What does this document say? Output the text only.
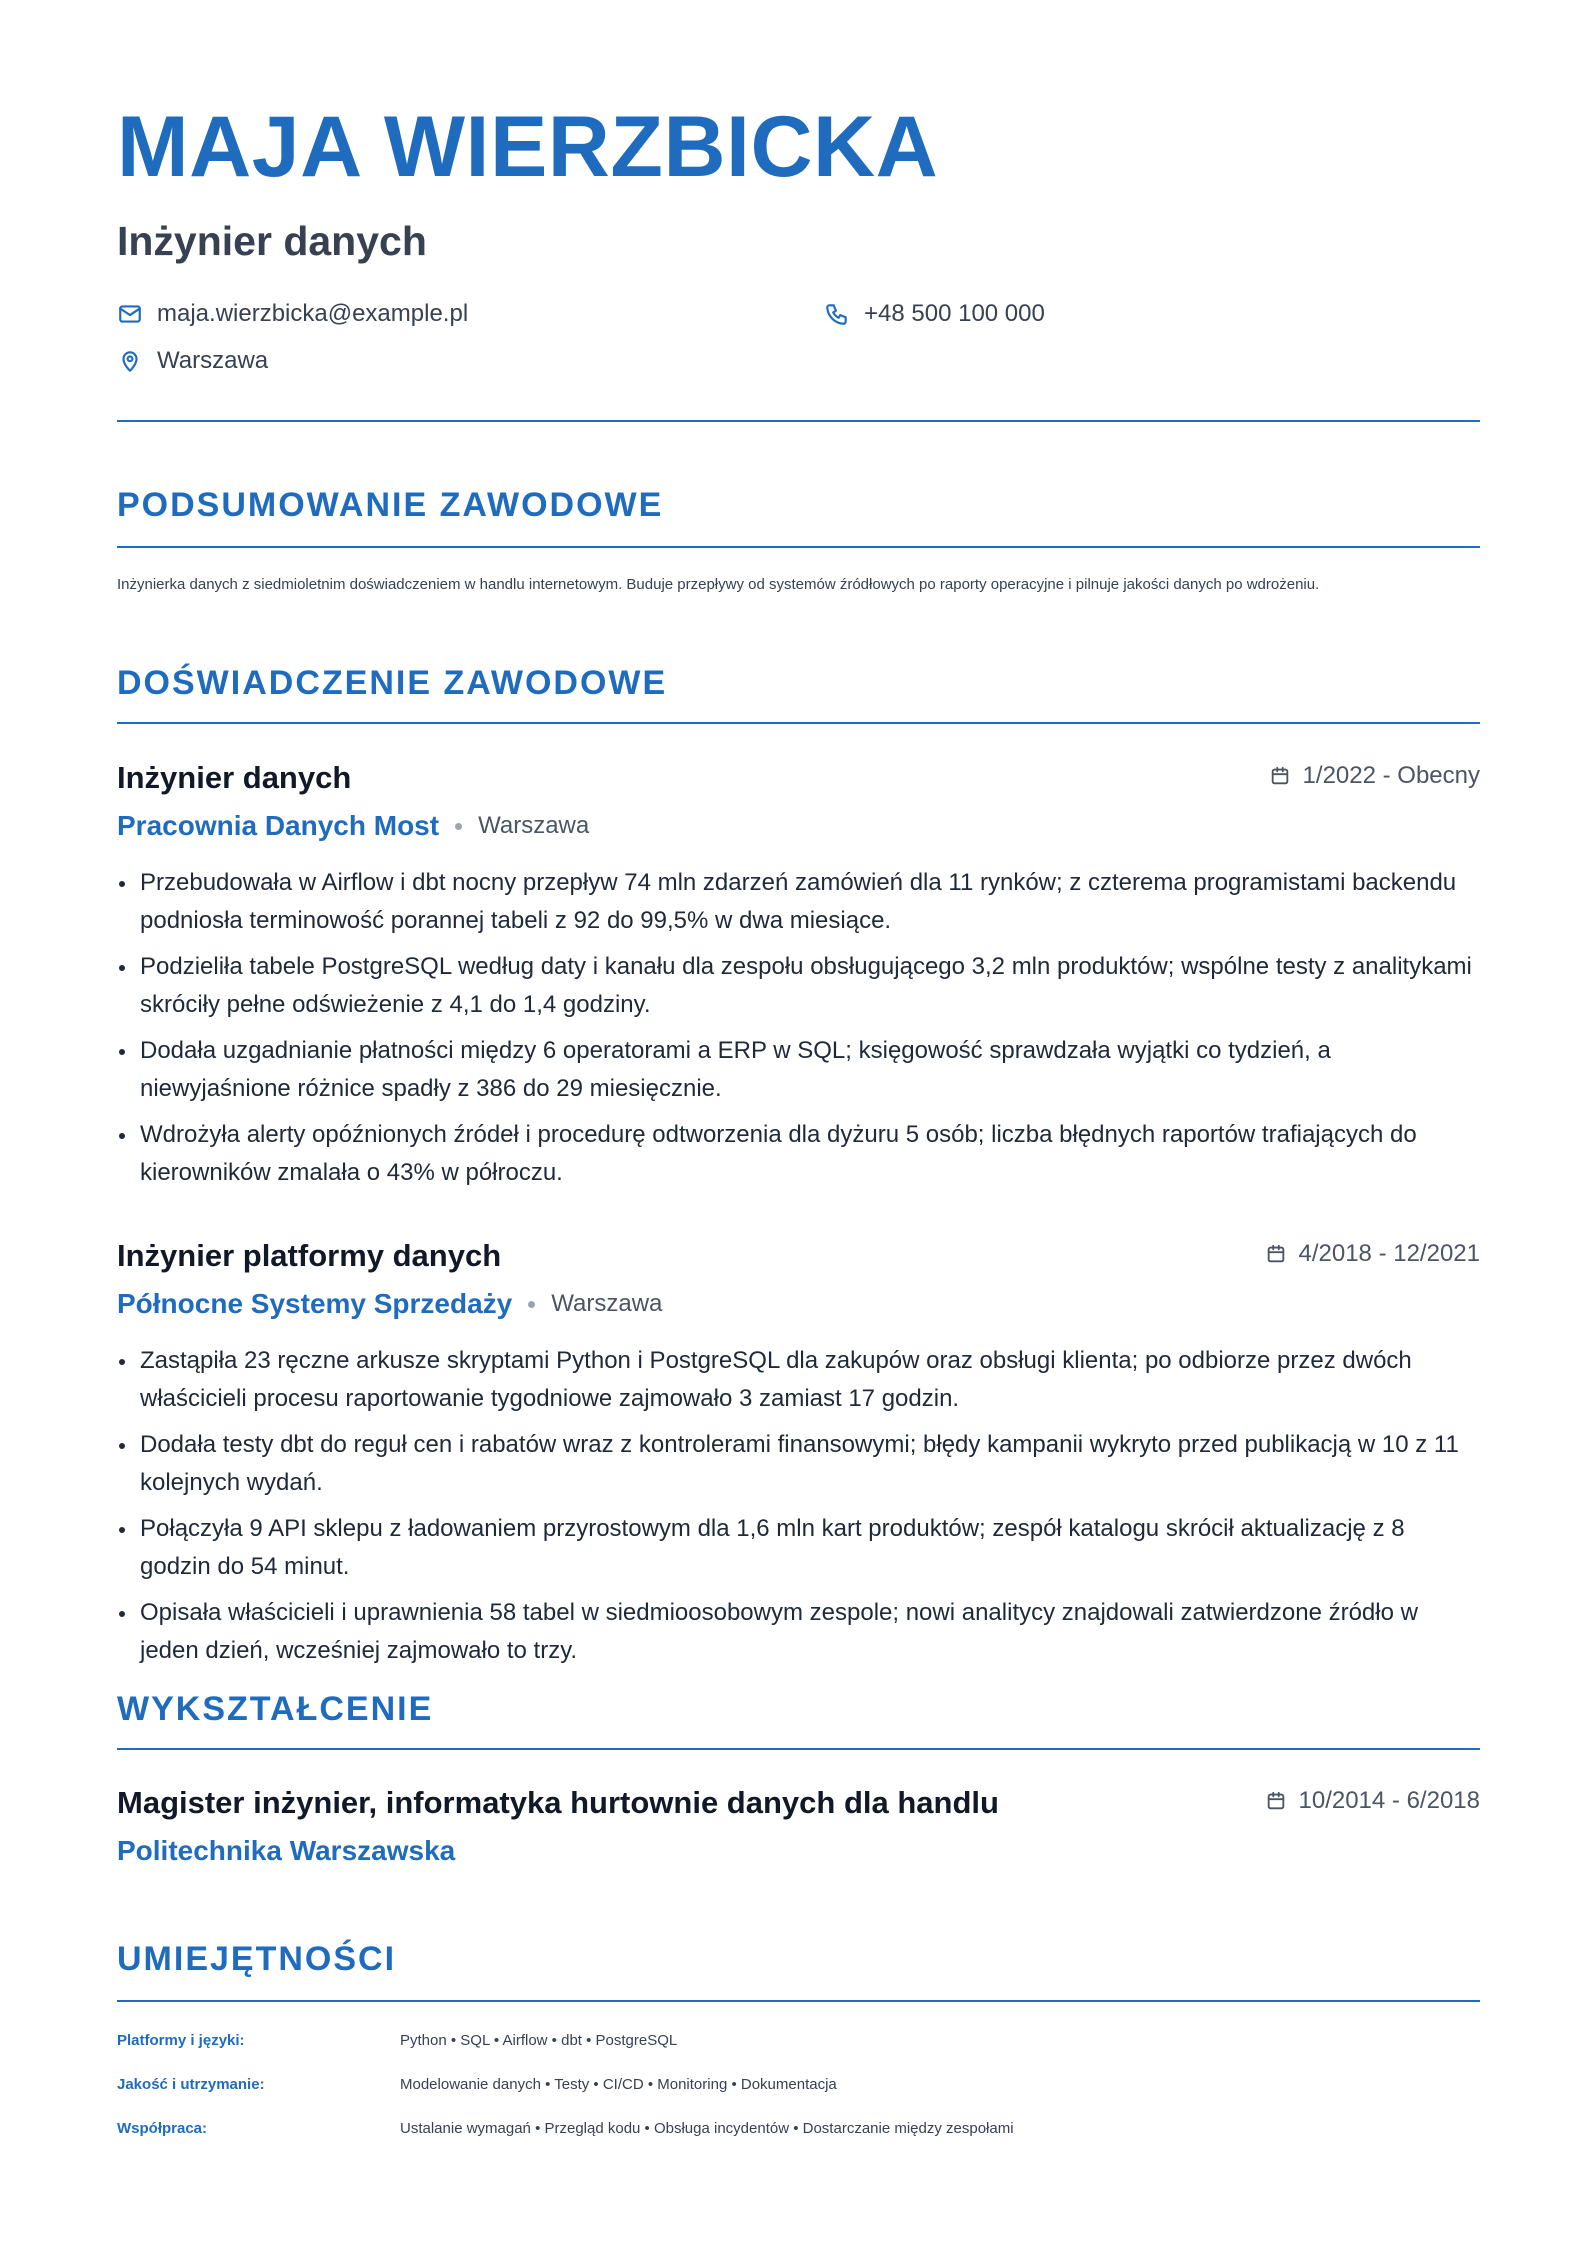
MAJA WIERZBICKA
Inżynier danych
maja.wierzbicka@example.pl	+48 500 100 000
Warszawa
PODSUMOWANIE ZAWODOWE
Inżynierka danych z siedmioletnim doświadczeniem w handlu internetowym. Buduje przepływy od systemów źródłowych po raporty operacyjne i pilnuje jakości danych po wdrożeniu.
DOŚWIADCZENIE ZAWODOWE
Inżynier danych	1/2022 - Obecny
Pracownia Danych Most Warszawa
Przebudowała w Airflow i dbt nocny przepływ 74 mln zdarzeń zamówień dla 11 rynków; z czterema programistami backendu podniosła terminowość porannej tabeli z 92 do 99,5% w dwa miesiące.
Podzieliła tabele PostgreSQL według daty i kanału dla zespołu obsługującego 3,2 mln produktów; wspólne testy z analitykami skróciły pełne odświeżenie z 4,1 do 1,4 godziny.
Dodała uzgadnianie płatności między 6 operatorami a ERP w SQL; księgowość sprawdzała wyjątki co tydzień, a niewyjaśnione różnice spadły z 386 do 29 miesięcznie.
Wdrożyła alerty opóźnionych źródeł i procedurę odtworzenia dla dyżuru 5 osób; liczba błędnych raportów trafiających do kierowników zmalała o 43% w półroczu.
Inżynier platformy danych	4/2018 - 12/2021
Północne Systemy Sprzedaży Warszawa
Zastąpiła 23 ręczne arkusze skryptami Python i PostgreSQL dla zakupów oraz obsługi klienta; po odbiorze przez dwóch właścicieli procesu raportowanie tygodniowe zajmowało 3 zamiast 17 godzin.
Dodała testy dbt do reguł cen i rabatów wraz z kontrolerami finansowymi; błędy kampanii wykryto przed publikacją w 10 z 11 kolejnych wydań.
Połączyła 9 API sklepu z ładowaniem przyrostowym dla 1,6 mln kart produktów; zespół katalogu skrócił aktualizację z 8 godzin do 54 minut.
Opisała właścicieli i uprawnienia 58 tabel w siedmioosobowym zespole; nowi analitycy znajdowali zatwierdzone źródło w jeden dzień, wcześniej zajmowało to trzy.
WYKSZTAŁCENIE
Magister inżynier, informatyka hurtownie danych dla handlu	10/2014 - 6/2018
Politechnika Warszawska
UMIEJĘTNOŚCI
Platformy i języki:	Python • SQL • Airflow • dbt • PostgreSQL
Jakość i utrzymanie:	Modelowanie danych • Testy • CI/CD • Monitoring • Dokumentacja
Współpraca:	Ustalanie wymagań • Przegląd kodu • Obsługa incydentów • Dostarczanie między zespołami
